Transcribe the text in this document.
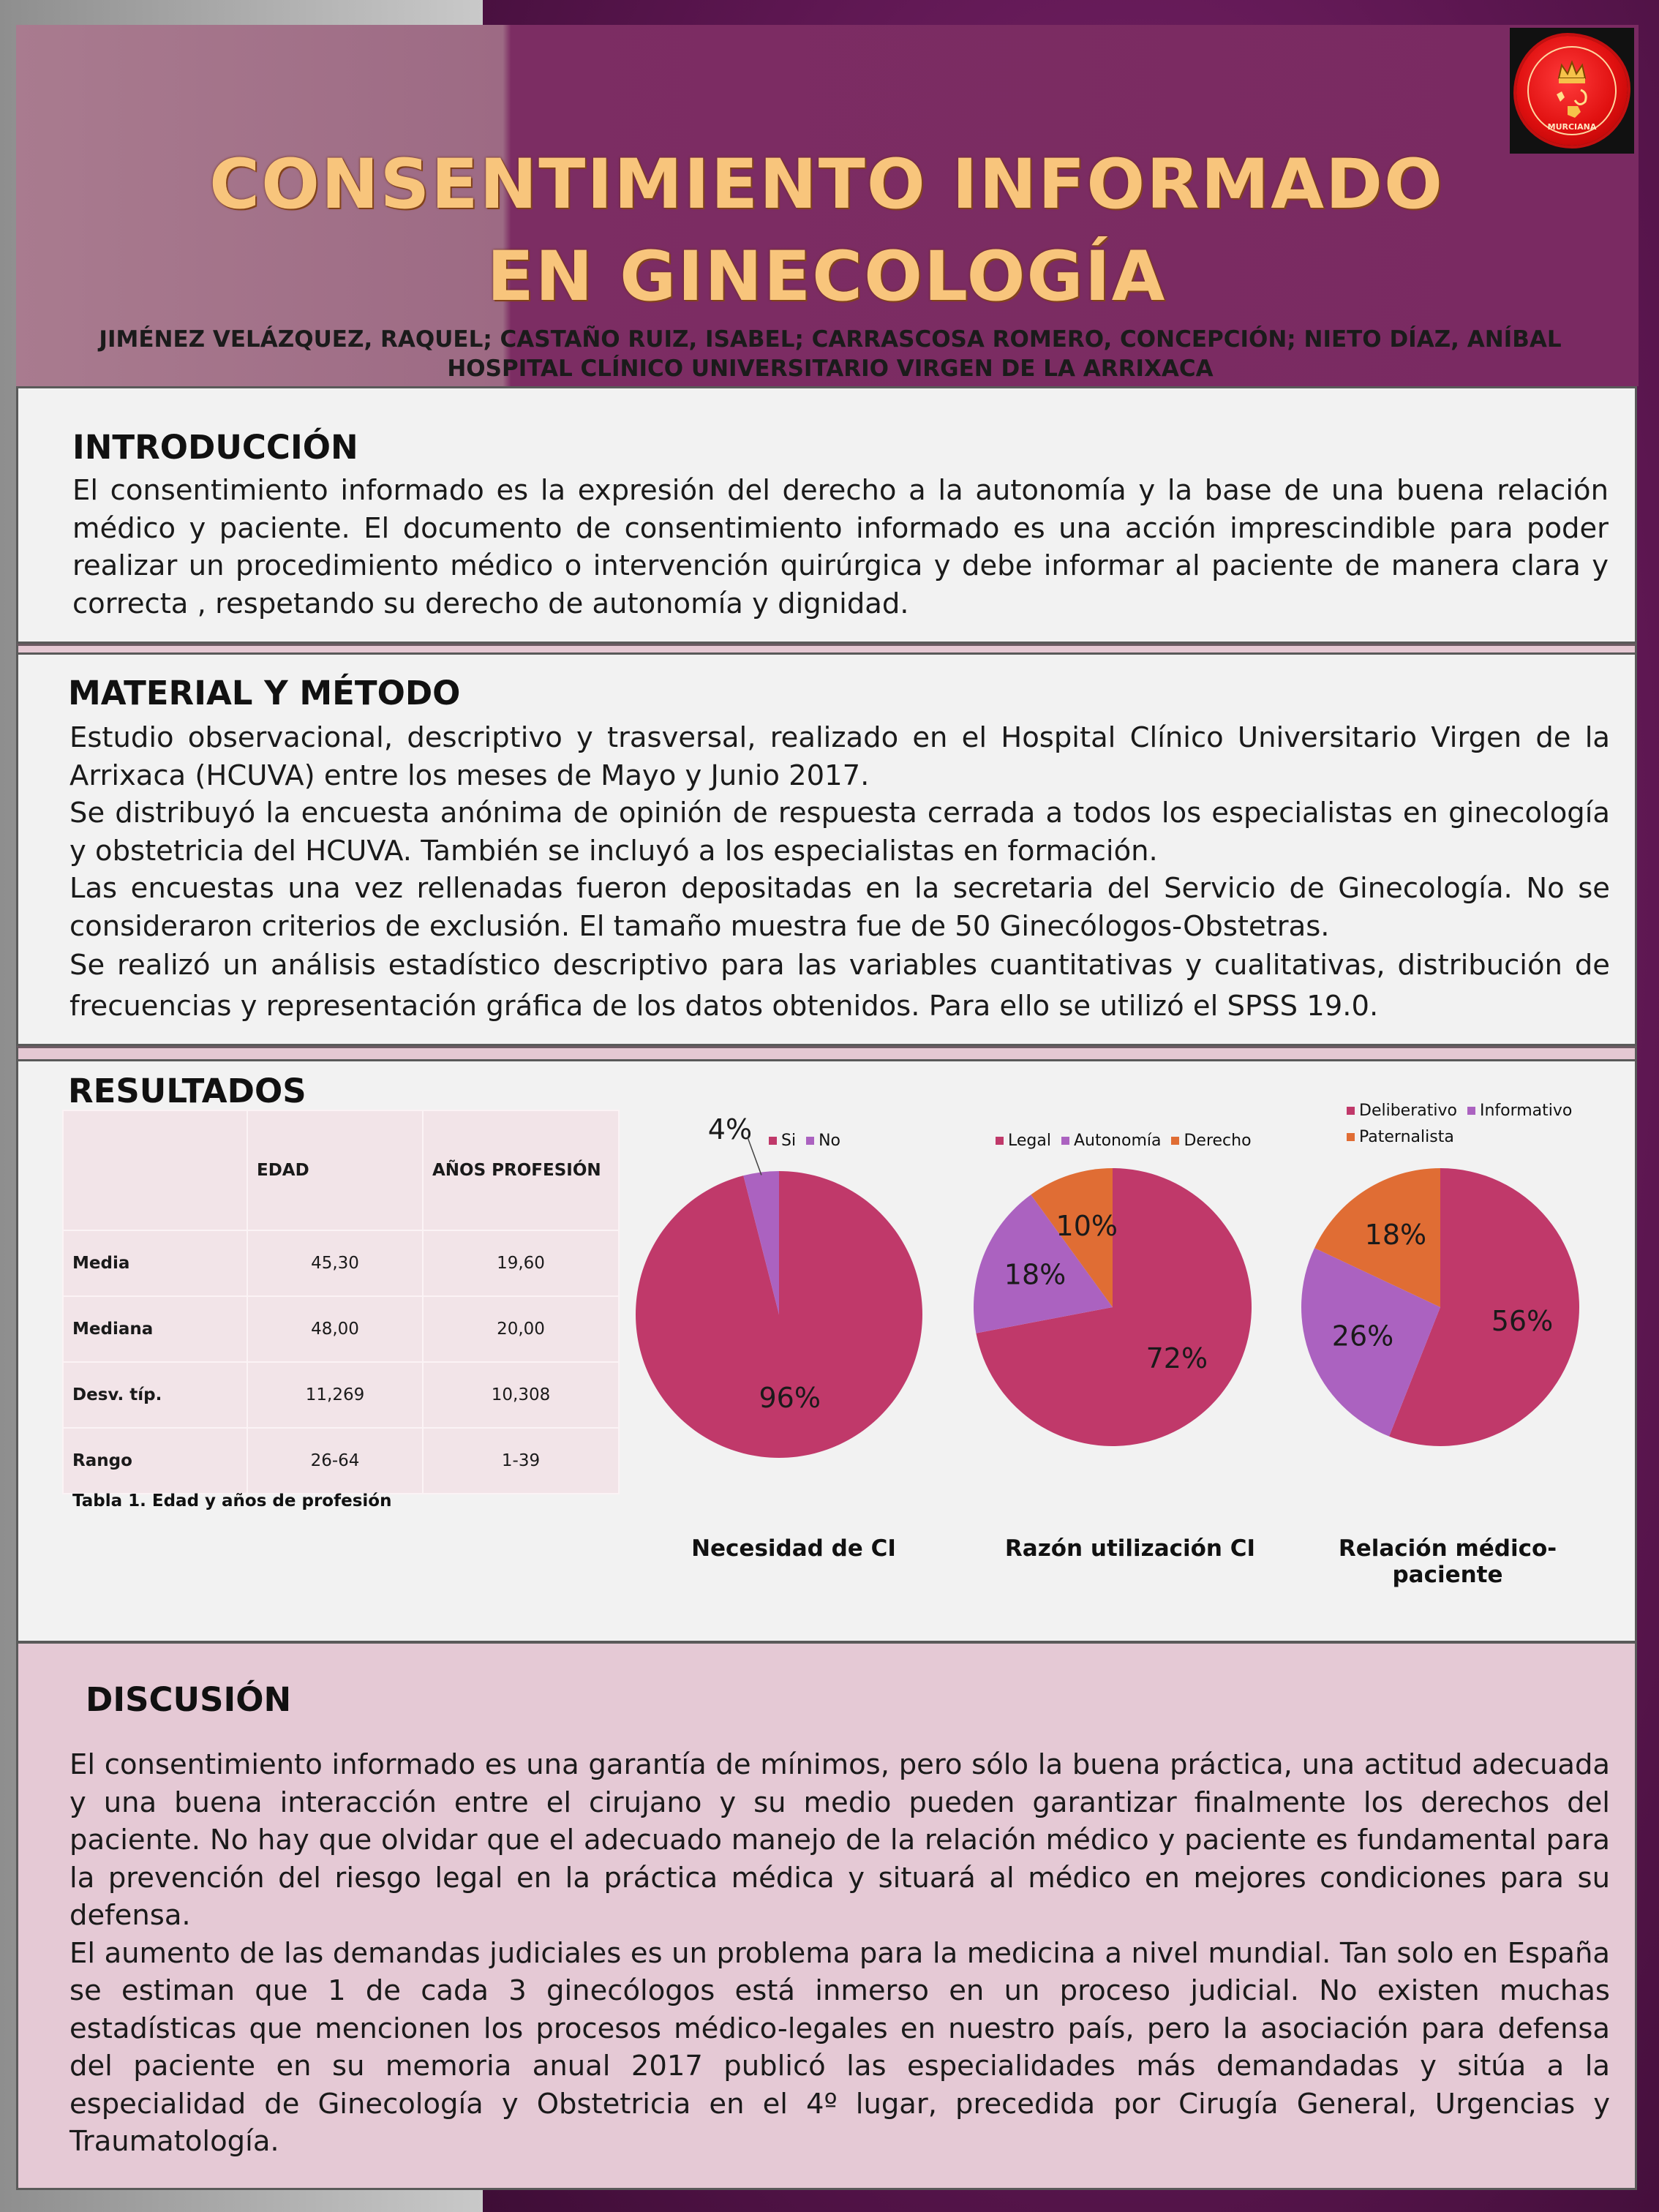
MURCIANA
CONSENTIMIENTO INFORMADO EN GINECOLOGÍA
JIMÉNEZ VELÁZQUEZ, RAQUEL; CASTAÑO RUIZ, ISABEL; CARRASCOSA ROMERO, CONCEPCIÓN; NIETO DÍAZ, ANÍBAL
HOSPITAL CLÍNICO UNIVERSITARIO VIRGEN DE LA ARRIXACA
INTRODUCCIÓN
El consentimiento informado es la expresión del derecho a la autonomía y la base de una buena relación médico y paciente. El documento de consentimiento informado es una acción imprescindible para poder realizar un procedimiento médico o intervención quirúrgica y debe informar al paciente de manera clara y correcta , respetando su derecho de autonomía y dignidad.
MATERIAL Y MÉTODO

Estudio observacional, descriptivo y trasversal, realizado en el Hospital Clínico Universitario Virgen de la Arrixaca (HCUVA) entre los meses de Mayo y Junio 2017.

Se distribuyó la encuesta anónima de opinión de respuesta cerrada a todos los especialistas en ginecología y obstetricia del HCUVA. También se incluyó a los especialistas en formación.

Las encuestas una vez rellenadas fueron depositadas en la secretaria del Servicio de Ginecología. No se consideraron criterios de exclusión. El tamaño muestra fue de 50 Ginecólogos-Obstetras.

Se realizó un análisis estadístico descriptivo para las variables cuantitativas y cualitativas, distribución de frecuencias y representación gráfica de los datos obtenidos. Para ello se utilizó el SPSS 19.0.

RESULTADOS
	EDAD	AÑOS PROFESIÓN
Media	45,30	19,60
Mediana	48,00	20,00
Desv. típ.	11,269	10,308
Rango	26-64	1-39
Tabla 1. Edad y años de profesión
Si No
96%
4%
Necesidad de CI
Legal Autonomía Derecho
72%
18%
10%
Razón utilización CI
Deliberativo Informativo
Paternalista
56%
26%
18%
Relación médico-paciente
DISCUSIÓN

El consentimiento informado es una garantía de mínimos, pero sólo la buena práctica, una actitud adecuada y una buena interacción entre el cirujano y su medio pueden garantizar finalmente los derechos del paciente. No hay que olvidar que el adecuado manejo de la relación médico y paciente es fundamental para la prevención del riesgo legal en la práctica médica y situará al médico en mejores condiciones para su defensa.

El aumento de las demandas judiciales es un problema para la medicina a nivel mundial. Tan solo en España se estiman que 1 de cada 3 ginecólogos está inmerso en un proceso judicial. No existen muchas estadísticas que mencionen los procesos médico-legales en nuestro país, pero la asociación para defensa del paciente en su memoria anual 2017 publicó las especialidades más demandadas y sitúa a la especialidad de Ginecología y Obstetricia en el 4º lugar, precedida por Cirugía General, Urgencias y Traumatología.
